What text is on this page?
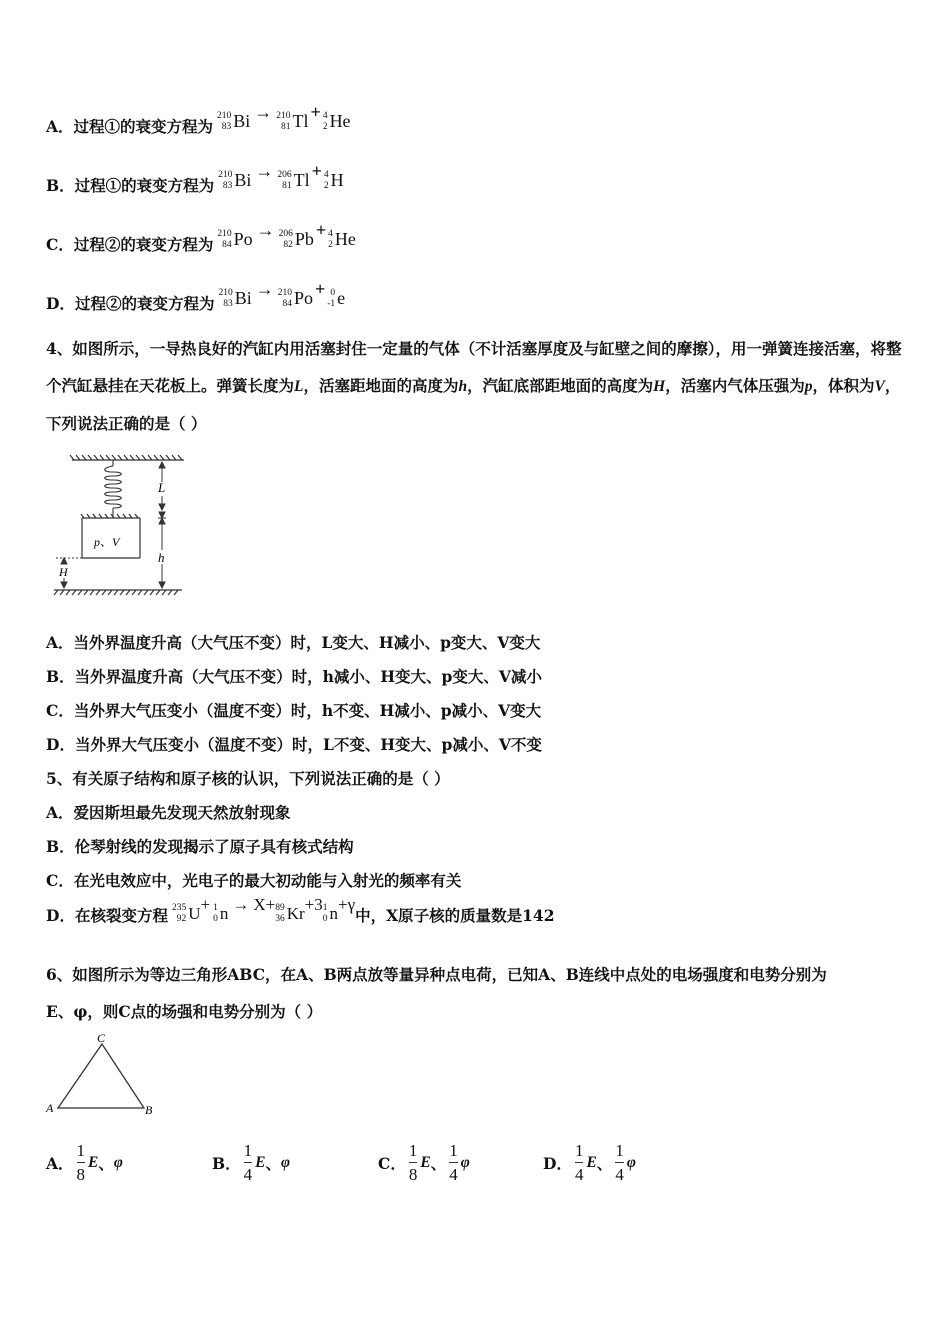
A．过程①的衰变方程为
210
83 Bi → 210
81 Tl + 4
2 He
B．过程①的衰变方程为
210
83 Bi → 206
81 Tl + 4
2 H
C．过程②的衰变方程为
210
84 Po → 206
82 Pb + 4
2 He
D．过程②的衰变方程为
210
83 Bi → 210
84 Po + 0
-1 e
4、如图所示，一导热良好的汽缸内用活塞封住一定量的气体（不计活塞厚度及与缸壁之间的摩擦），用一弹簧连接活塞，将整个汽缸悬挂在天花板上。弹簧长度为L，活塞距地面的高度为h，汽缸底部距地面的高度为H，活塞内气体压强为p，体积为V，下列说法正确的是（ ）
p、V
L
h
H
A．当外界温度升高（大气压不变）时，L变大、H减小、p变大、V变大
B．当外界温度升高（大气压不变）时，h减小、H变大、p变大、V减小
C．当外界大气压变小（温度不变）时，h不变、H减小、p减小、V变大
D．当外界大气压变小（温度不变）时，L不变、H变大、p减小、V不变
5、有关原子结构和原子核的认识，下列说法正确的是（ ）
A．爱因斯坦最先发现天然放射现象
B．伦琴射线的发现揭示了原子具有核式结构
C．在光电效应中，光电子的最大初动能与入射光的频率有关
D．在核裂变方程 235
92 U + 1
0 n → X+ 89
36 Kr +3 1
0 n +γ
中，X原子核的质量数是142
6、如图所示为等边三角形ABC，在A、B两点放等量异种点电荷，已知A、B连线中点处的电场强度和电势分别为
E、φ，则C点的场强和电势分别为（ ）
C
A	B
A． $\frac{1}{8}$ E 、 φ	B． $\frac{1}{4}$ E 、 φ	C． $\frac{1}{8}$ E 、 $\frac{1}{4}$ φ	D． $\frac{1}{4}$ E 、 $\frac{1}{4}$ φ
